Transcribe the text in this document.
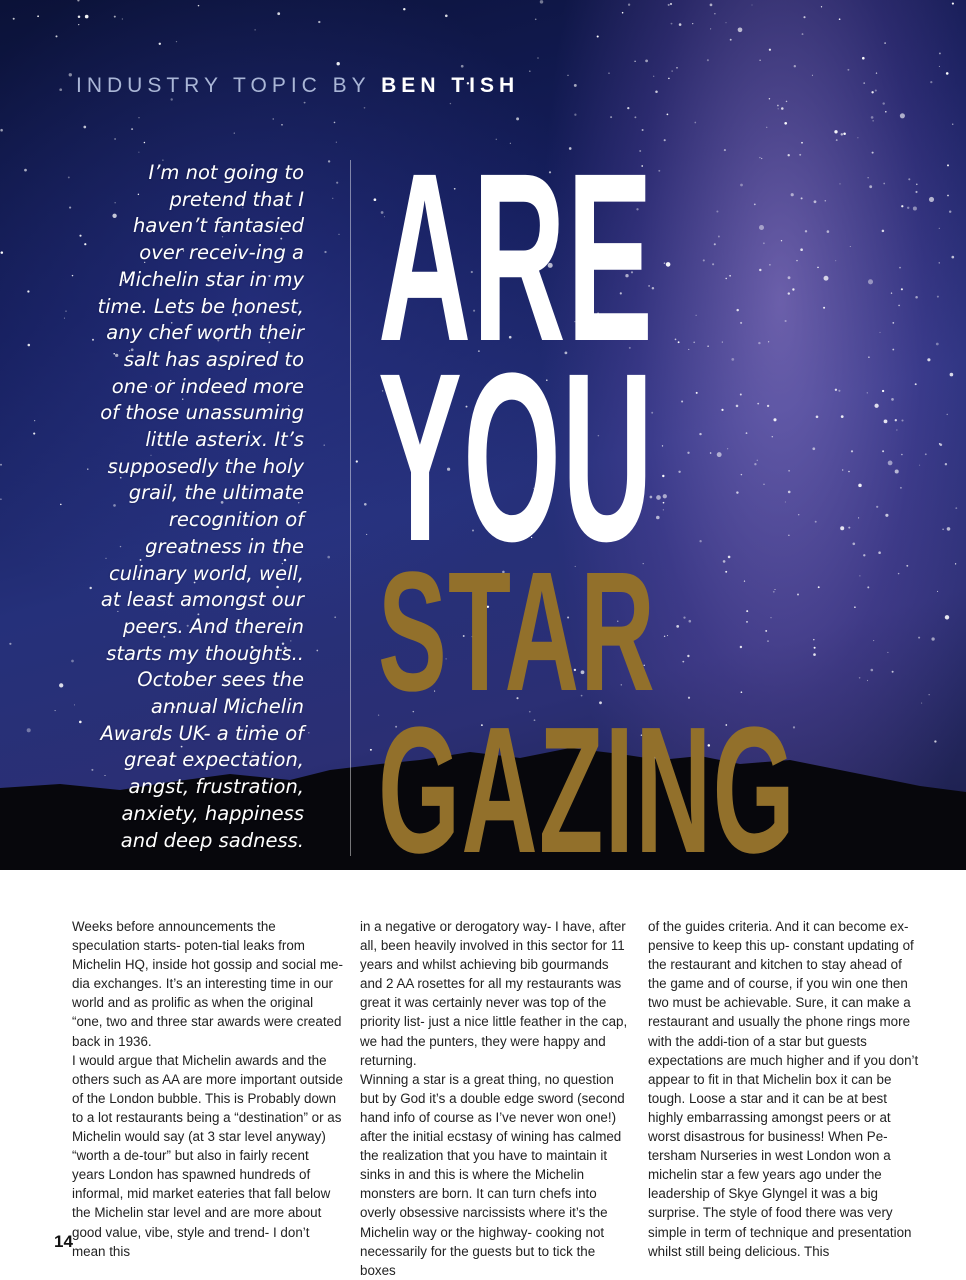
INDUSTRY TOPIC BY BEN TISH
I’m not going to pretend that I haven’t fantasied over receiv-ing a Michelin star in my time. Lets be honest, any chef worth their salt has aspired to one or indeed more of those unassuming little asterix. It’s supposedly the holy grail, the ultimate recognition of greatness in the culinary world, well, at least amongst our peers. And therein starts my thoughts.. October sees the annual Michelin Awards UK- a time of great expectation, angst, frustration, anxiety, happiness and deep sadness.
ARE
YOU
STAR
GAZING
Weeks before announcements the speculation starts- poten-tial leaks from Michelin HQ, inside hot gossip and social me-dia exchanges. It’s an interesting time in our world and as prolific as when the original “one, two and three star awards were created back in 1936.
I would argue that Michelin awards and the others such as AA are more important outside of the London bubble. This is Probably down to a lot restaurants being a “destination” or as Michelin would say (at 3 star level anyway) “worth a de-tour” but also in fairly recent years London has spawned hundreds of informal, mid market eateries that fall below the Michelin star level and are more about good value, vibe, style and trend- I don’t mean this
in a negative or derogatory way- I have, after all, been heavily involved in this sector for 11 years and whilst achieving bib gourmands and 2 AA rosettes for all my restaurants was great it was certainly never was top of the priority list- just a nice little feather in the cap, we had the punters, they were happy and returning.
Winning a star is a great thing, no question but by God it’s a double edge sword (second hand info of course as I’ve never won one!) after the initial ecstasy of wining has calmed the realization that you have to maintain it sinks in and this is where the Michelin monsters are born. It can turn chefs into overly obsessive narcissists where it’s the Michelin way or the highway- cooking not necessarily for the guests but to tick the boxes
of the guides criteria. And it can become ex-pensive to keep this up- constant updating of the restaurant and kitchen to stay ahead of the game and of course, if you win one then two must be achievable. Sure, it can make a restaurant and usually the phone rings more with the addi-tion of a star but guests expectations are much higher and if you don’t appear to fit in that Michelin box it can be tough. Loose a star and it can be at best highly embarrassing amongst peers or at worst disastrous for business! When Pe-tersham Nurseries in west London won a michelin star a few years ago under the leadership of Skye Glyngel it was a big surprise. The style of food there was very simple in term of technique and presentation whilst still being delicious. This
14
